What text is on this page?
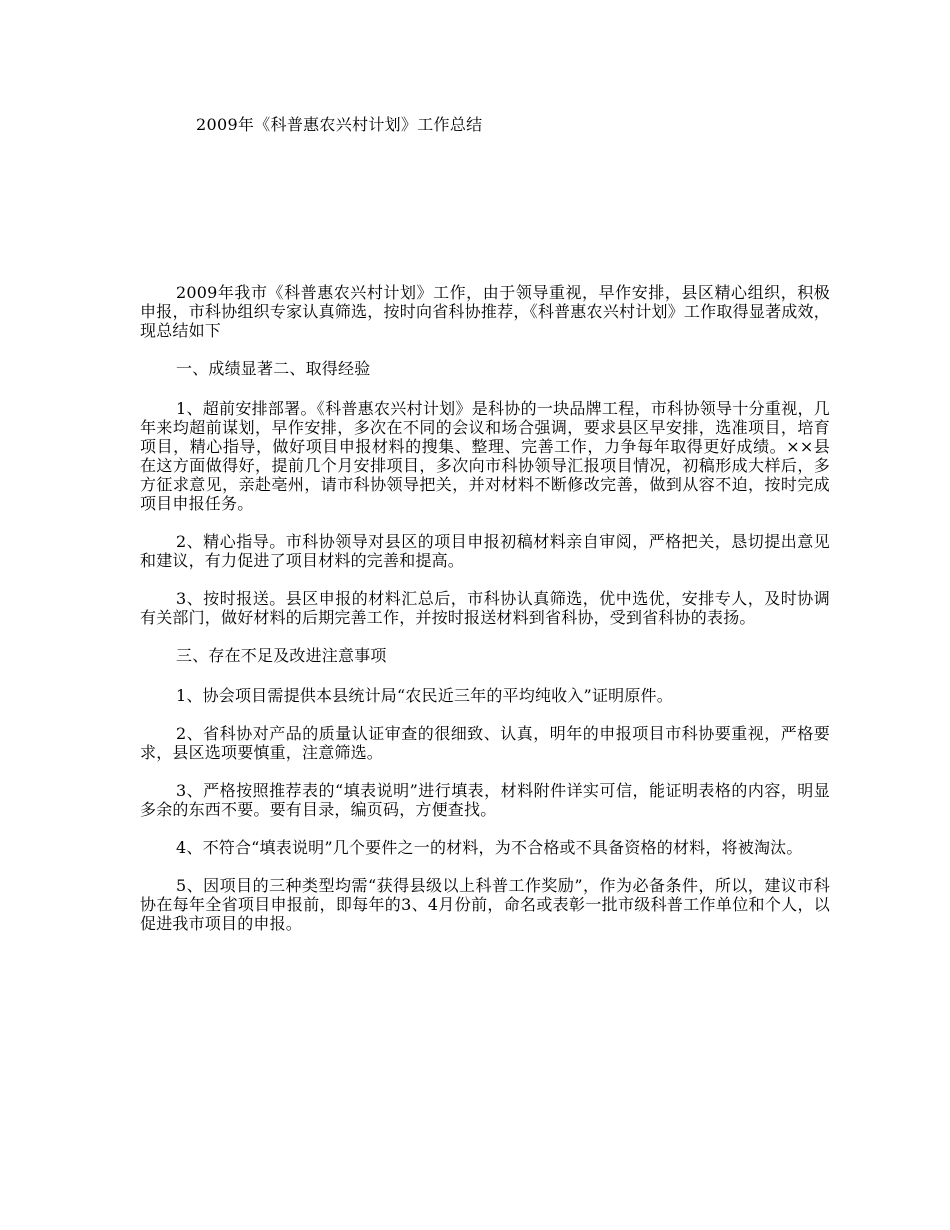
2009年《科普惠农兴村计划》工作总结

2009年我市《科普惠农兴村计划》工作，由于领导重视，早作安排，县区精心组织，积极申报，市科协组织专家认真筛选，按时向省科协推荐，《科普惠农兴村计划》工作取得显著成效，现总结如下

一、成绩显著二、取得经验

1、超前安排部署。《科普惠农兴村计划》是科协的一块品牌工程，市科协领导十分重视，几年来均超前谋划，早作安排，多次在不同的会议和场合强调，要求县区早安排，选准项目，培育项目，精心指导，做好项目申报材料的搜集、整理、完善工作，力争每年取得更好成绩。××县在这方面做得好，提前几个月安排项目，多次向市科协领导汇报项目情况，初稿形成大样后，多方征求意见，亲赴亳州，请市科协领导把关，并对材料不断修改完善，做到从容不迫，按时完成项目申报任务。

2、精心指导。市科协领导对县区的项目申报初稿材料亲自审阅，严格把关，恳切提出意见和建议，有力促进了项目材料的完善和提高。

3、按时报送。县区申报的材料汇总后，市科协认真筛选，优中选优，安排专人，及时协调有关部门，做好材料的后期完善工作，并按时报送材料到省科协，受到省科协的表扬。

三、存在不足及改进注意事项

1、协会项目需提供本县统计局“农民近三年的平均纯收入”证明原件。

2、省科协对产品的质量认证审查的很细致、认真，明年的申报项目市科协要重视，严格要求，县区选项要慎重，注意筛选。

3、严格按照推荐表的“填表说明”进行填表，材料附件详实可信，能证明表格的内容，明显多余的东西不要。要有目录，编页码，方便查找。

4、不符合“填表说明”几个要件之一的材料，为不合格或不具备资格的材料，将被淘汰。

5、因项目的三种类型均需“获得县级以上科普工作奖励”，作为必备条件，所以，建议市科协在每年全省项目申报前，即每年的3、4月份前，命名或表彰一批市级科普工作单位和个人，以促进我市项目的申报。
